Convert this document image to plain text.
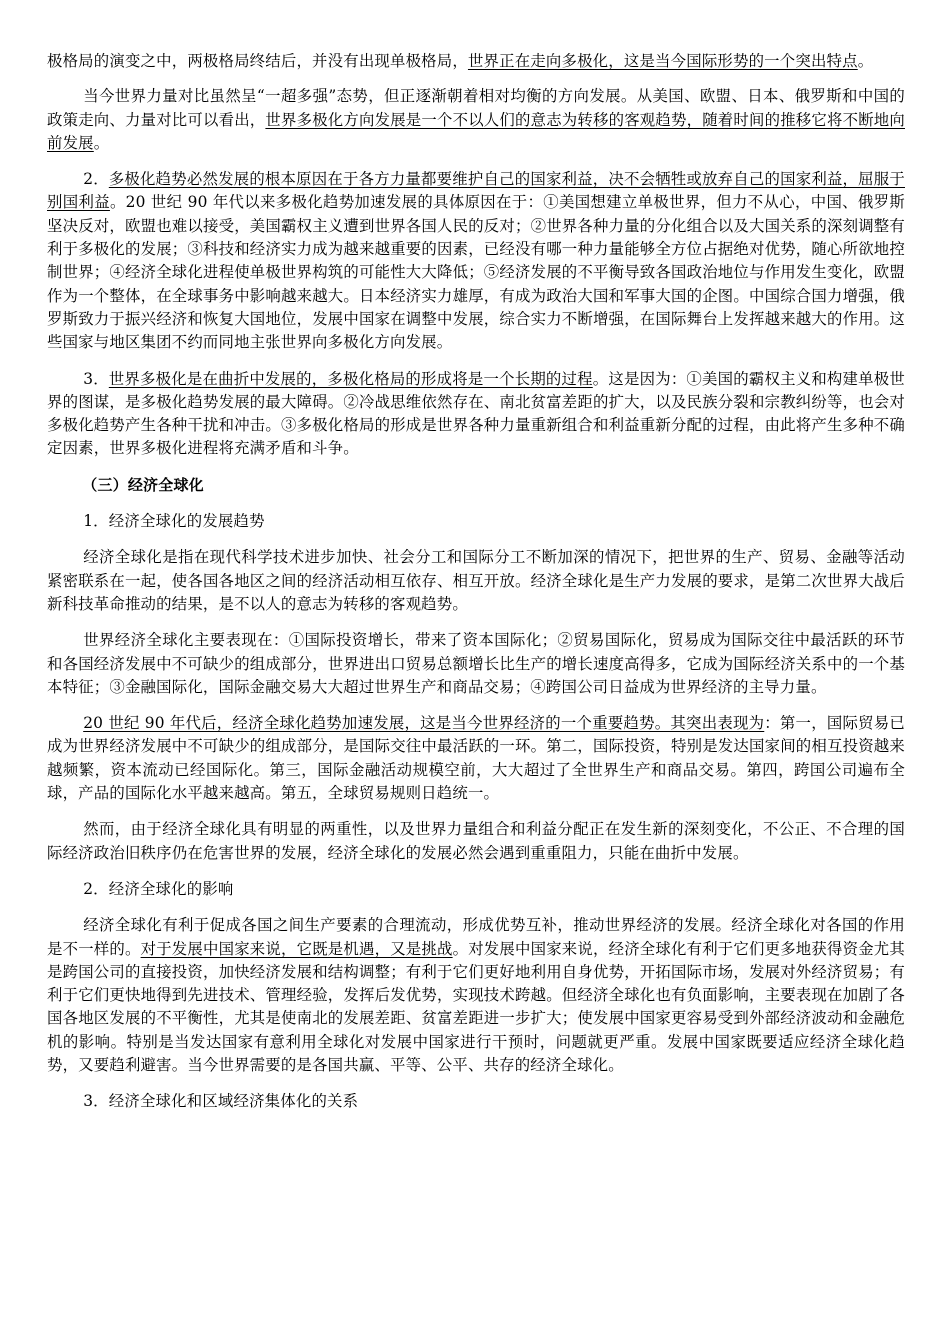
极格局的演变之中，两极格局终结后，并没有出现单极格局，世界正在走向多极化，这是当今国际形势的一个突出特点。

当今世界力量对比虽然呈“一超多强”态势，但正逐渐朝着相对均衡的方向发展。从美国、欧盟、日本、俄罗斯和中国的政策走向、力量对比可以看出，世界多极化方向发展是一个不以人们的意志为转移的客观趋势，随着时间的推移它将不断地向前发展。

2．多极化趋势必然发展的根本原因在于各方力量都要维护自己的国家利益，决不会牺牲或放弃自己的国家利益，屈服于别国利益。20 世纪 90 年代以来多极化趋势加速发展的具体原因在于：①美国想建立单极世界，但力不从心，中国、俄罗斯坚决反对，欧盟也难以接受，美国霸权主义遭到世界各国人民的反对；②世界各种力量的分化组合以及大国关系的深刻调整有利于多极化的发展；③科技和经济实力成为越来越重要的因素，已经没有哪一种力量能够全方位占据绝对优势，随心所欲地控制世界；④经济全球化进程使单极世界构筑的可能性大大降低；⑤经济发展的不平衡导致各国政治地位与作用发生变化，欧盟作为一个整体，在全球事务中影响越来越大。日本经济实力雄厚，有成为政治大国和军事大国的企图。中国综合国力增强，俄罗斯致力于振兴经济和恢复大国地位，发展中国家在调整中发展，综合实力不断增强，在国际舞台上发挥越来越大的作用。这些国家与地区集团不约而同地主张世界向多极化方向发展。

3．世界多极化是在曲折中发展的，多极化格局的形成将是一个长期的过程。这是因为：①美国的霸权主义和构建单极世界的图谋，是多极化趋势发展的最大障碍。②冷战思维依然存在、南北贫富差距的扩大，以及民族分裂和宗教纠纷等，也会对多极化趋势产生各种干扰和冲击。③多极化格局的形成是世界各种力量重新组合和利益重新分配的过程，由此将产生多种不确定因素，世界多极化进程将充满矛盾和斗争。

（三）经济全球化

1．经济全球化的发展趋势

经济全球化是指在现代科学技术进步加快、社会分工和国际分工不断加深的情况下，把世界的生产、贸易、金融等活动紧密联系在一起，使各国各地区之间的经济活动相互依存、相互开放。经济全球化是生产力发展的要求，是第二次世界大战后新科技革命推动的结果，是不以人的意志为转移的客观趋势。

世界经济全球化主要表现在：①国际投资增长，带来了资本国际化；②贸易国际化，贸易成为国际交往中最活跃的环节和各国经济发展中不可缺少的组成部分，世界进出口贸易总额增长比生产的增长速度高得多，它成为国际经济关系中的一个基本特征；③金融国际化，国际金融交易大大超过世界生产和商品交易；④跨国公司日益成为世界经济的主导力量。

20 世纪 90 年代后，经济全球化趋势加速发展，这是当今世界经济的一个重要趋势。其突出表现为：第一，国际贸易已成为世界经济发展中不可缺少的组成部分，是国际交往中最活跃的一环。第二，国际投资，特别是发达国家间的相互投资越来越频繁，资本流动已经国际化。第三，国际金融活动规模空前，大大超过了全世界生产和商品交易。第四，跨国公司遍布全球，产品的国际化水平越来越高。第五，全球贸易规则日趋统一。

然而，由于经济全球化具有明显的两重性，以及世界力量组合和利益分配正在发生新的深刻变化，不公正、不合理的国际经济政治旧秩序仍在危害世界的发展，经济全球化的发展必然会遇到重重阻力，只能在曲折中发展。

2．经济全球化的影响

经济全球化有利于促成各国之间生产要素的合理流动，形成优势互补，推动世界经济的发展。经济全球化对各国的作用是不一样的。对于发展中国家来说，它既是机遇，又是挑战。对发展中国家来说，经济全球化有利于它们更多地获得资金尤其是跨国公司的直接投资，加快经济发展和结构调整；有利于它们更好地利用自身优势，开拓国际市场，发展对外经济贸易；有利于它们更快地得到先进技术、管理经验，发挥后发优势，实现技术跨越。但经济全球化也有负面影响，主要表现在加剧了各国各地区发展的不平衡性，尤其是使南北的发展差距、贫富差距进一步扩大；使发展中国家更容易受到外部经济波动和金融危机的影响。特别是当发达国家有意利用全球化对发展中国家进行干预时，问题就更严重。发展中国家既要适应经济全球化趋势，又要趋利避害。当今世界需要的是各国共赢、平等、公平、共存的经济全球化。

3．经济全球化和区域经济集体化的关系
